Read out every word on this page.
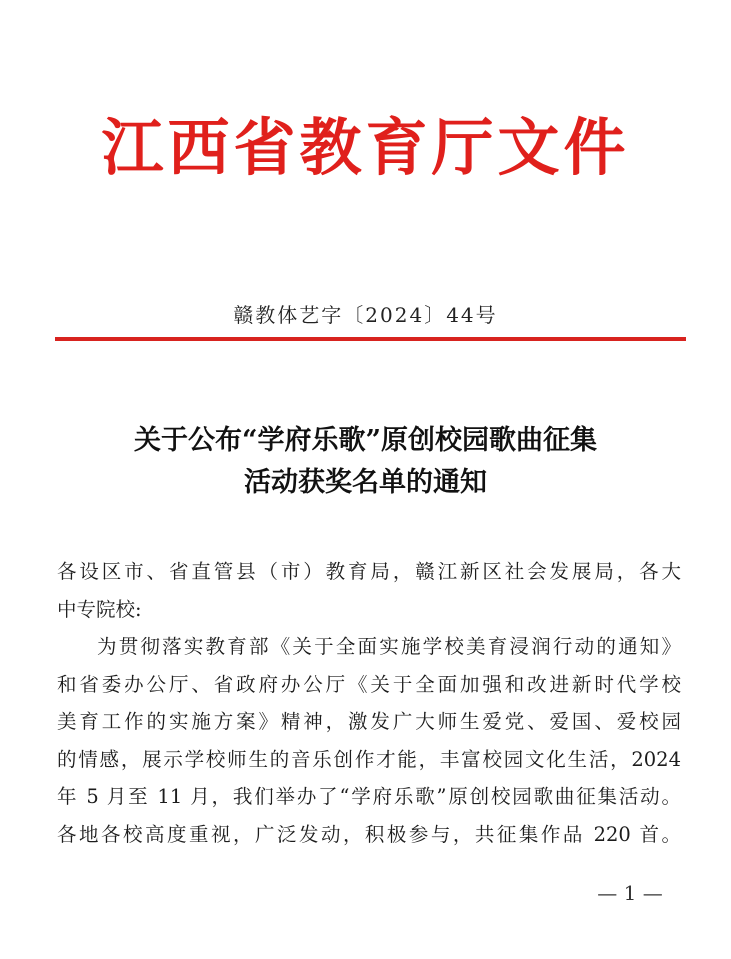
江西省教育厅文件
赣教体艺字〔2024〕44号
关于公布“学府乐歌”原创校园歌曲征集
活动获奖名单的通知
各设区市、省直管县（市）教育局，赣江新区社会发展局，各大
中专院校:
为贯彻落实教育部《关于全面实施学校美育浸润行动的通知》
和省委办公厅、省政府办公厅《关于全面加强和改进新时代学校
美育工作的实施方案》精神，激发广大师生爱党、爱国、爱校园
的情感，展示学校师生的音乐创作才能，丰富校园文化生活，2024
年 5 月至 11 月，我们举办了“学府乐歌”原创校园歌曲征集活动。
各地各校高度重视，广泛发动，积极参与，共征集作品 220 首。
— 1 —
